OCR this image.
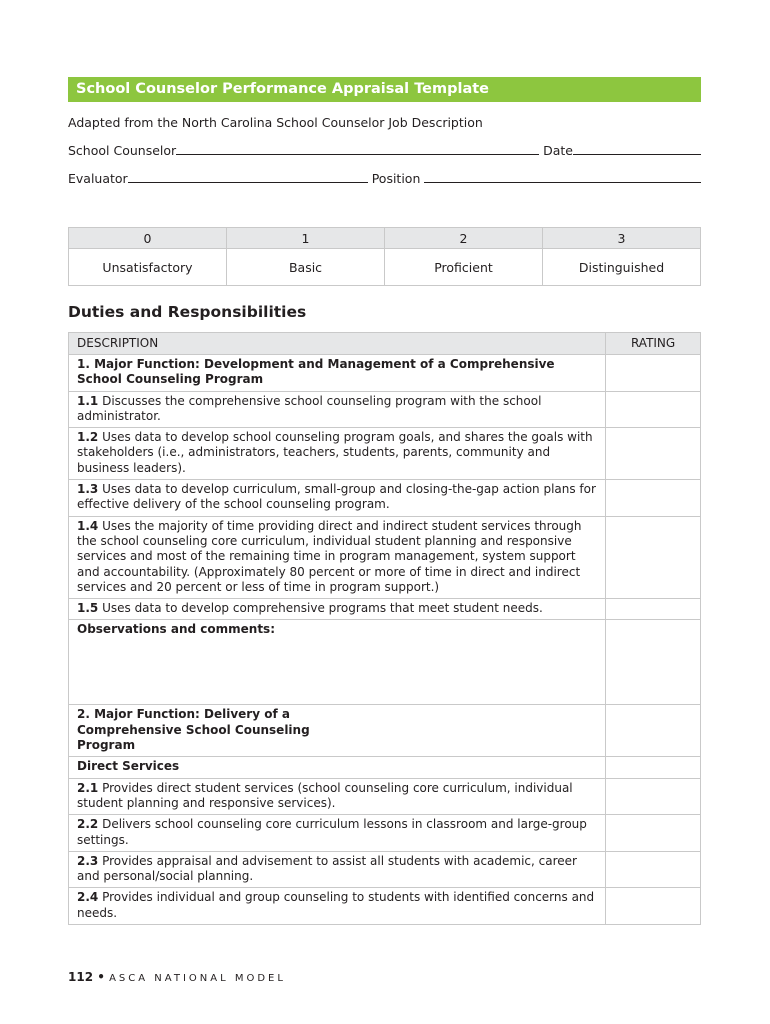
School Counselor Performance Appraisal Template
Adapted from the North Carolina School Counselor Job Description
School Counselor	Date
Evaluator	Position
0	1	2	3
Unsatisfactory	Basic	Proficient	Distinguished
Duties and Responsibilities
DESCRIPTION	RATING
1. Major Function: Development and Management of a Comprehensive School Counseling Program	
1.1 Discusses the comprehensive school counseling program with the school administrator.	
1.2 Uses data to develop school counseling program goals, and shares the goals with stakeholders (i.e., administrators, teachers, students, parents, community and business leaders).	
1.3 Uses data to develop curriculum, small-group and closing-the-gap action plans for effective delivery of the school counseling program.	
1.4 Uses the majority of time providing direct and indirect student services through the school counseling core curriculum, individual student planning and responsive services and most of the remaining time in program management, system support and accountability. (Approximately 80 percent or more of time in direct and indirect services and 20 percent or less of time in program support.)	
1.5 Uses data to develop comprehensive programs that meet student needs.	
Observations and comments:	
2. Major Function: Delivery of a Comprehensive School Counseling Program	
Direct Services	
2.1 Provides direct student services (school counseling core curriculum, individual student planning and responsive services).	
2.2 Delivers school counseling core curriculum lessons in classroom and large-group settings.	
2.3 Provides appraisal and advisement to assist all students with academic, career and personal/social planning.	
2.4 Provides individual and group counseling to students with identified concerns and needs.	
112 • ASCA NATIONAL MODEL
